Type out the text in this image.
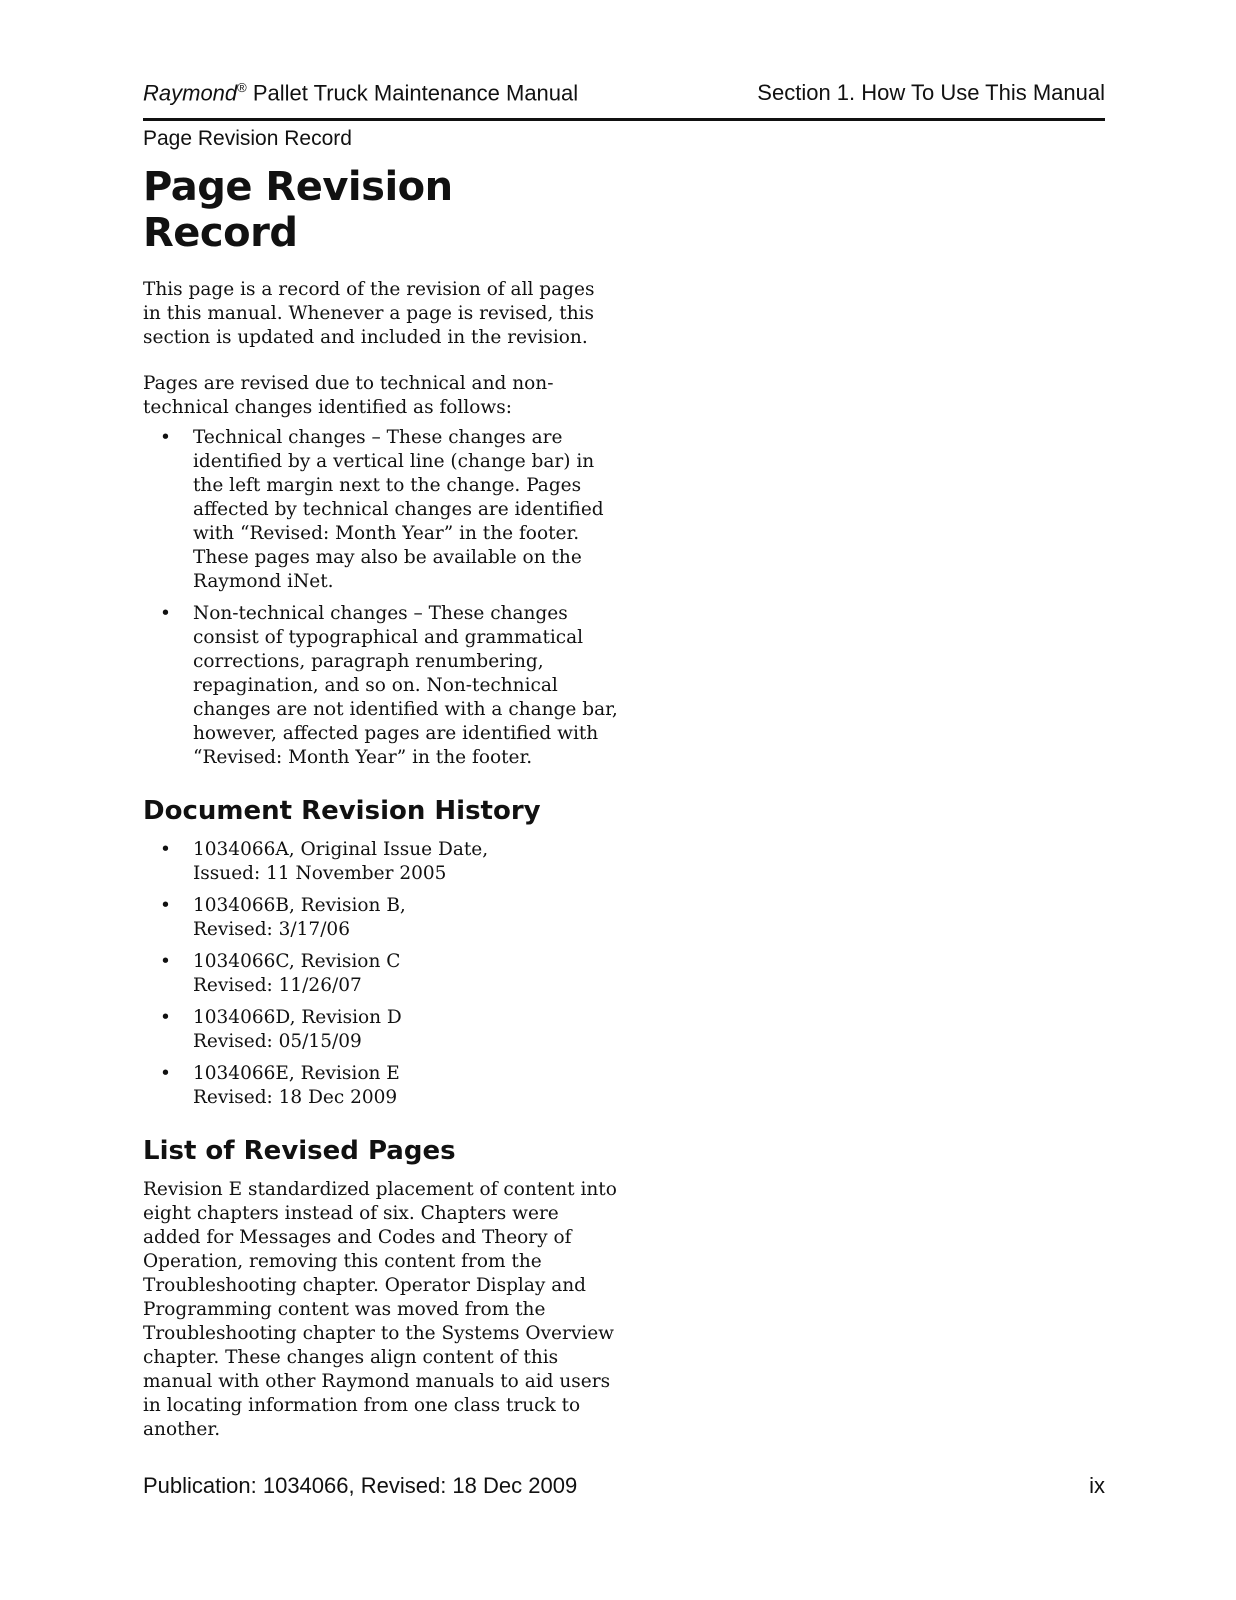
Raymond® Pallet Truck Maintenance Manual	Section 1. How To Use This Manual
Page Revision Record
Page Revision Record

This page is a record of the revision of all pages in this manual. Whenever a page is revised, this section is updated and included in the revision.

Pages are revised due to technical and non-technical changes identified as follows:

• Technical changes – These changes are identified by a vertical line (change bar) in the left margin next to the change. Pages affected by technical changes are identified with “Revised: Month Year” in the footer. These pages may also be available on the Raymond iNet.
• Non-technical changes – These changes consist of typographical and grammatical corrections, paragraph renumbering, repagination, and so on. Non-technical changes are not identified with a change bar, however, affected pages are identified with “Revised: Month Year” in the footer.
Document Revision History
• 1034066A, Original Issue Date,
Issued: 11 November 2005
• 1034066B, Revision B,
Revised: 3/17/06
• 1034066C, Revision C
Revised: 11/26/07
• 1034066D, Revision D
Revised: 05/15/09
• 1034066E, Revision E
Revised: 18 Dec 2009
List of Revised Pages

Revision E standardized placement of content into eight chapters instead of six. Chapters were added for Messages and Codes and Theory of Operation, removing this content from the Troubleshooting chapter. Operator Display and Programming content was moved from the Troubleshooting chapter to the Systems Overview chapter. These changes align content of this manual with other Raymond manuals to aid users in locating information from one class truck to another.

Publication: 1034066, Revised: 18 Dec 2009	ix
